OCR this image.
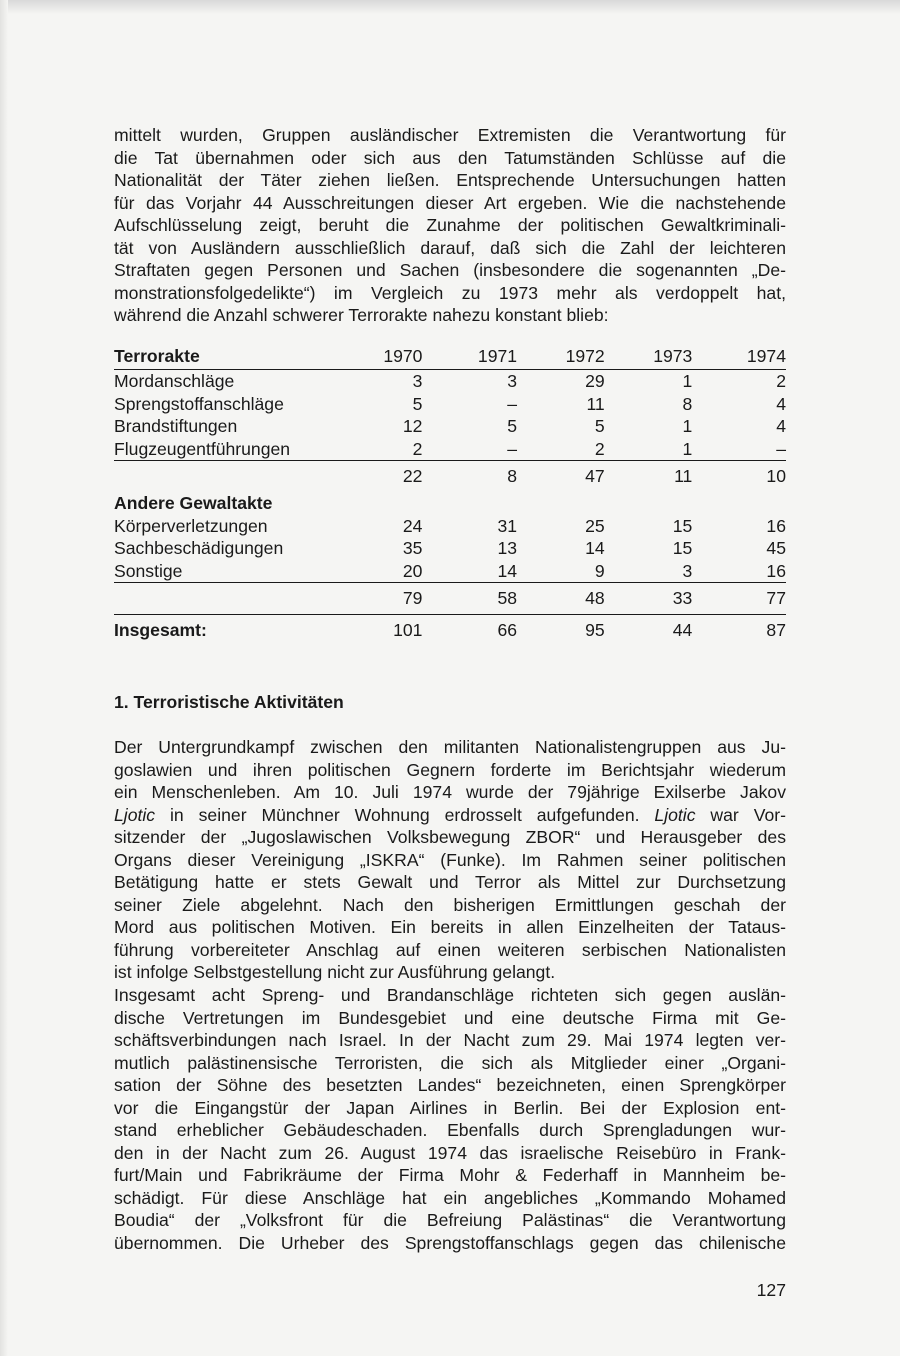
mittelt wurden, Gruppen ausländischer Extremisten die Verantwortung für
die Tat übernahmen oder sich aus den Tatumständen Schlüsse auf die
Nationalität der Täter ziehen ließen. Entsprechende Untersuchungen hatten
für das Vorjahr 44 Ausschreitungen dieser Art ergeben. Wie die nachstehende
Aufschlüsselung zeigt, beruht die Zunahme der politischen Gewaltkriminali-
tät von Ausländern ausschließlich darauf, daß sich die Zahl der leichteren
Straftaten gegen Personen und Sachen (insbesondere die sogenannten „De-
monstrationsfolgedelikte“) im Vergleich zu 1973 mehr als verdoppelt hat,
während die Anzahl schwerer Terrorakte nahezu konstant blieb:
Terrorakte	1970	1971	1972	1973	1974
Mordanschläge	3	3	29	1	2
Sprengstoffanschläge	5	–	11	8	4
Brandstiftungen	12	5	5	1	4
Flugzeugentführungen	2	–	2	1	–
	22	8	47	11	10
Andere Gewaltakte					
Körperverletzungen	24	31	25	15	16
Sachbeschädigungen	35	13	14	15	45
Sonstige	20	14	9	3	16
	79	58	48	33	77
Insgesamt:	101	66	95	44	87
1. Terroristische Aktivitäten
Der Untergrundkampf zwischen den militanten Nationalistengruppen aus Ju-
goslawien und ihren politischen Gegnern forderte im Berichtsjahr wiederum
ein Menschenleben. Am 10. Juli 1974 wurde der 79jährige Exilserbe Jakov
Ljotic in seiner Münchner Wohnung erdrosselt aufgefunden. Ljotic war Vor-
sitzender der „Jugoslawischen Volksbewegung ZBOR“ und Herausgeber des
Organs dieser Vereinigung „ISKRA“ (Funke). Im Rahmen seiner politischen
Betätigung hatte er stets Gewalt und Terror als Mittel zur Durchsetzung
seiner Ziele abgelehnt. Nach den bisherigen Ermittlungen geschah der
Mord aus politischen Motiven. Ein bereits in allen Einzelheiten der Tataus-
führung vorbereiteter Anschlag auf einen weiteren serbischen Nationalisten
ist infolge Selbstgestellung nicht zur Ausführung gelangt.
Insgesamt acht Spreng- und Brandanschläge richteten sich gegen auslän-
dische Vertretungen im Bundesgebiet und eine deutsche Firma mit Ge-
schäftsverbindungen nach Israel. In der Nacht zum 29. Mai 1974 legten ver-
mutlich palästinensische Terroristen, die sich als Mitglieder einer „Organi-
sation der Söhne des besetzten Landes“ bezeichneten, einen Sprengkörper
vor die Eingangstür der Japan Airlines in Berlin. Bei der Explosion ent-
stand erheblicher Gebäudeschaden. Ebenfalls durch Sprengladungen wur-
den in der Nacht zum 26. August 1974 das israelische Reisebüro in Frank-
furt/Main und Fabrikräume der Firma Mohr & Federhaff in Mannheim be-
schädigt. Für diese Anschläge hat ein angebliches „Kommando Mohamed
Boudia“ der „Volksfront für die Befreiung Palästinas“ die Verantwortung
übernommen. Die Urheber des Sprengstoffanschlags gegen das chilenische
127
